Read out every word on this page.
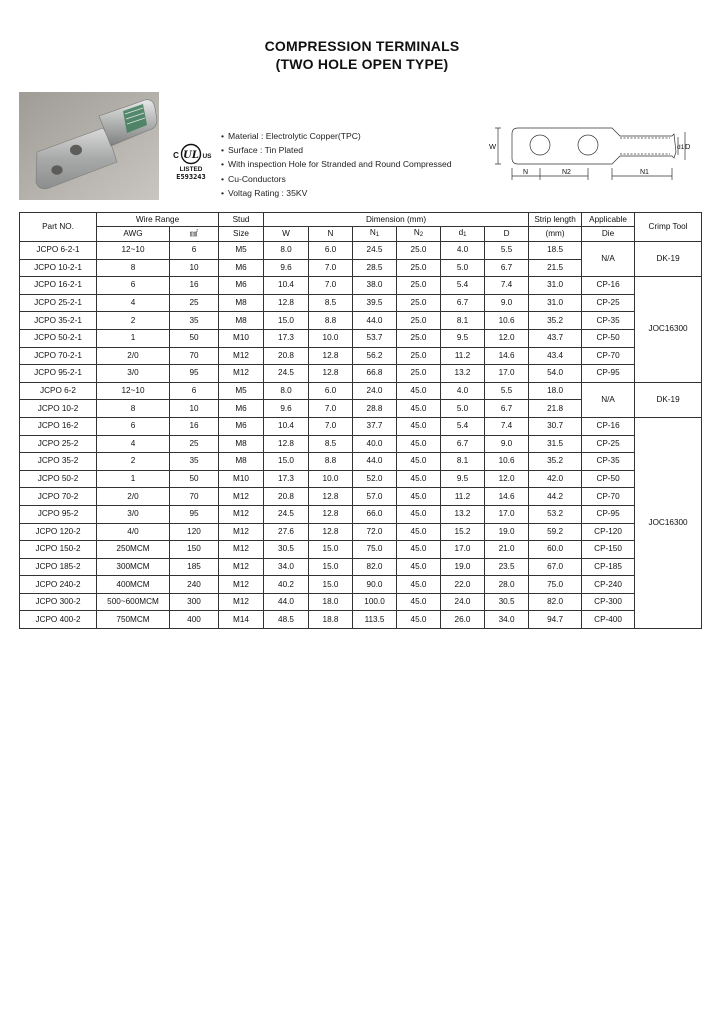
COMPRESSION TERMINALS
(TWO HOLE OPEN TYPE)
UL
C	US
LISTED
E593243
• Material : Electrolytic Copper(TPC)
• Surface : Tin Plated
• With inspection Hole for Stranded and Round Compressed
• Cu-Conductors
• Voltag Rating : 35KV
W	d1 D
N	N2	N1
Part NO.	Wire Range		Stud	Dimension (mm)						Strip length	Applicable	Crimp Tool
	AWG	㎟	Size	W	N	N1	N2	d1	D	(mm)	Die	
JCPO 6-2-1	12~10	6	M5	8.0	6.0	24.5	25.0	4.0	5.5	18.5	N/A	DK-19
JCPO 10-2-1	8	10	M6	9.6	7.0	28.5	25.0	5.0	6.7	21.5		
JCPO 16-2-1	6	16	M6	10.4	7.0	38.0	25.0	5.4	7.4	31.0	CP-16	JOC16300
JCPO 25-2-1	4	25	M8	12.8	8.5	39.5	25.0	6.7	9.0	31.0	CP-25	
JCPO 35-2-1	2	35	M8	15.0	8.8	44.0	25.0	8.1	10.6	35.2	CP-35	
JCPO 50-2-1	1	50	M10	17.3	10.0	53.7	25.0	9.5	12.0	43.7	CP-50	
JCPO 70-2-1	2/0	70	M12	20.8	12.8	56.2	25.0	11.2	14.6	43.4	CP-70	
JCPO 95-2-1	3/0	95	M12	24.5	12.8	66.8	25.0	13.2	17.0	54.0	CP-95	
JCPO 6-2	12~10	6	M5	8.0	6.0	24.0	45.0	4.0	5.5	18.0	N/A	DK-19
JCPO 10-2	8	10	M6	9.6	7.0	28.8	45.0	5.0	6.7	21.8		
JCPO 16-2	6	16	M6	10.4	7.0	37.7	45.0	5.4	7.4	30.7	CP-16	JOC16300
JCPO 25-2	4	25	M8	12.8	8.5	40.0	45.0	6.7	9.0	31.5	CP-25	
JCPO 35-2	2	35	M8	15.0	8.8	44.0	45.0	8.1	10.6	35.2	CP-35	
JCPO 50-2	1	50	M10	17.3	10.0	52.0	45.0	9.5	12.0	42.0	CP-50	
JCPO 70-2	2/0	70	M12	20.8	12.8	57.0	45.0	11.2	14.6	44.2	CP-70	
JCPO 95-2	3/0	95	M12	24.5	12.8	66.0	45.0	13.2	17.0	53.2	CP-95	
JCPO 120-2	4/0	120	M12	27.6	12.8	72.0	45.0	15.2	19.0	59.2	CP-120	
JCPO 150-2	250MCM	150	M12	30.5	15.0	75.0	45.0	17.0	21.0	60.0	CP-150	
JCPO 185-2	300MCM	185	M12	34.0	15.0	82.0	45.0	19.0	23.5	67.0	CP-185	
JCPO 240-2	400MCM	240	M12	40.2	15.0	90.0	45.0	22.0	28.0	75.0	CP-240	
JCPO 300-2	500~600MCM	300	M12	44.0	18.0	100.0	45.0	24.0	30.5	82.0	CP-300	
JCPO 400-2	750MCM	400	M14	48.5	18.8	113.5	45.0	26.0	34.0	94.7	CP-400	
